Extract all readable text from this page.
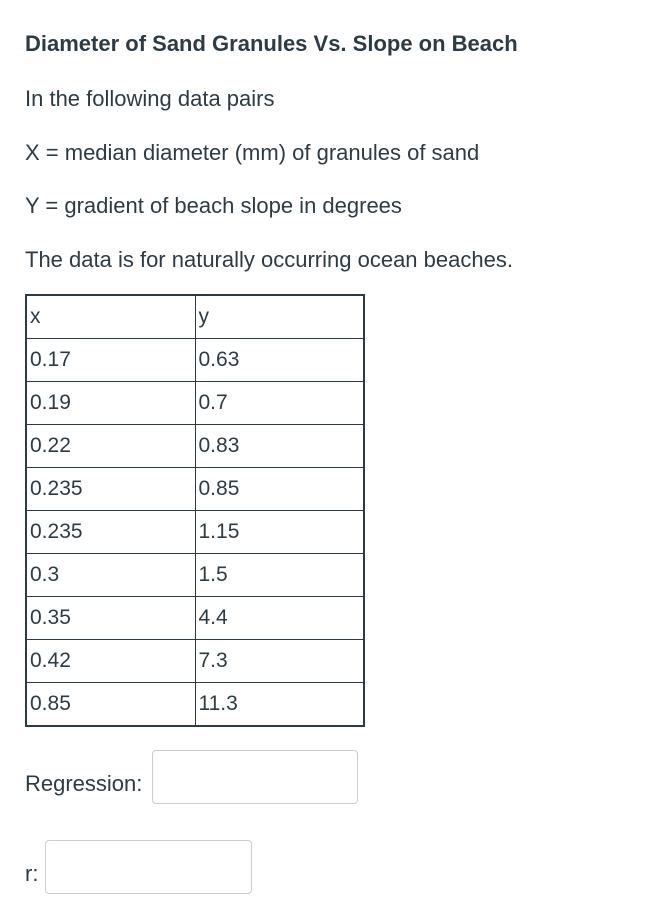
Diameter of Sand Granules Vs. Slope on Beach

In the following data pairs

X = median diameter (mm) of granules of sand

Y = gradient of beach slope in degrees

The data is for naturally occurring ocean beaches.

x	y
0.17	0.63
0.19	0.7
0.22	0.83
0.235	0.85
0.235	1.15
0.3	1.5
0.35	4.4
0.42	7.3
0.85	11.3
Regression:
r:
